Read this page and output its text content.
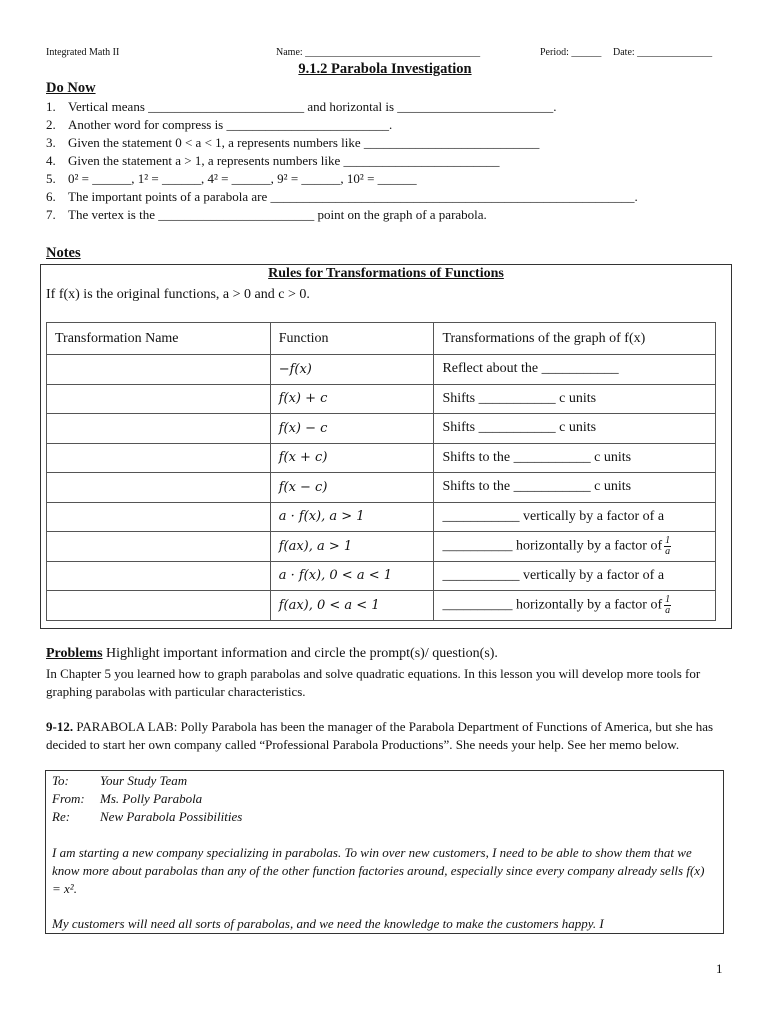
Integrated Math II	Name: ___________________________________	Period: ______ Date: _______________
9.1.2 Parabola Investigation
Do Now
1. Vertical means ________________________ and horizontal is ________________________.
2. Another word for compress is _________________________.
3. Given the statement 0 < a < 1, a represents numbers like ___________________________
4. Given the statement a > 1, a represents numbers like ________________________
5. 0² = ______, 1² = ______, 4² = ______, 9² = ______, 10² = ______
6. The important points of a parabola are ________________________________________________________.
7. The vertex is the ________________________ point on the graph of a parabola.
Notes
Rules for Transformations of Functions
If f(x) is the original functions, a > 0 and c > 0.
Transformation Name	Function	Transformations of the graph of f(x)
	−f(x)	Reflect about the ___________
	f(x) + c	Shifts ___________ c units
	f(x) − c	Shifts ___________ c units
	f(x + c)	Shifts to the ___________ c units
	f(x − c)	Shifts to the ___________ c units
	a · f(x), a > 1	___________ vertically by a factor of a
	f(ax), a > 1	__________ horizontally by a factor of $\frac{1}{a}$

	a · f(x), 0 < a < 1	___________ vertically by a factor of a
	f(ax), 0 < a < 1	__________ horizontally by a factor of $\frac{1}{a}$
Problems Highlight important information and circle the prompt(s)/ question(s).
In Chapter 5 you learned how to graph parabolas and solve quadratic equations. In this lesson you will develop more tools for graphing parabolas with particular characteristics.
9-12. PARABOLA LAB: Polly Parabola has been the manager of the Parabola Department of Functions of America, but she has decided to start her own company called “Professional Parabola Productions”. She needs your help. See her memo below.
To: Your Study Team
From: Ms. Polly Parabola
Re: New Parabola Possibilities
I am starting a new company specializing in parabolas. To win over new customers, I need to be able to show them that we know more about parabolas than any of the other function factories around, especially since every company already sells f(x) = x².
My customers will need all sorts of parabolas, and we need the knowledge to make the customers happy. I
1
